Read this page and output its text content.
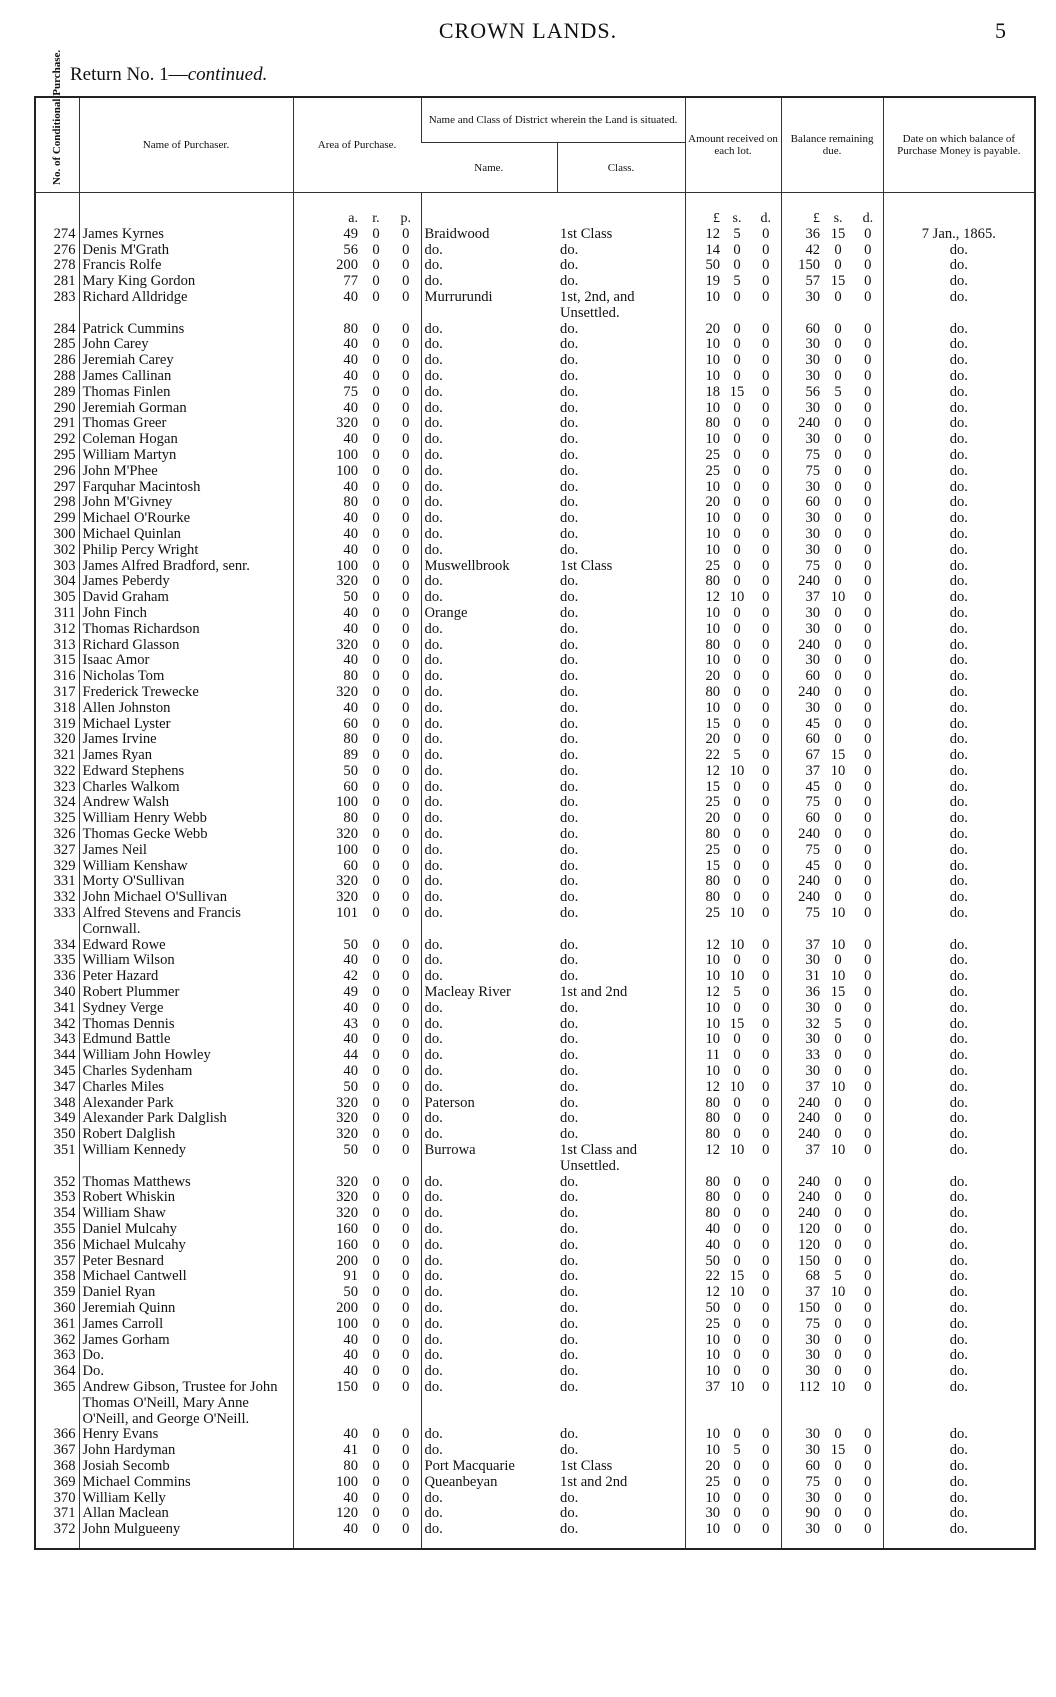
CROWN LANDS.	5
Return No. 1—continued.
No. of Conditional Purchase.	Name of Purchaser.	Area of Purchase.			Name and Class of District wherein the Land is situated.		Amount received on each lot.			Balance remaining due.			Date on which balance of Purchase Money is payable.
					Name.	Class.							
		a.	r.	p.			£	s.	d.	£	s.	d.	
274	James Kyrnes	49	0	0	Braidwood	1st Class	12	5	0	36	15	0	7 Jan., 1865.
276	Denis M'Grath	56	0	0	do.	do.	14	0	0	42	0	0	do.
278	Francis Rolfe	200	0	0	do.	do.	50	0	0	150	0	0	do.
281	Mary King Gordon	77	0	0	do.	do.	19	5	0	57	15	0	do.
283	Richard Alldridge	40	0	0	Murrurundi	1st, 2nd, and Unsettled.	10	0	0	30	0	0	do.
284	Patrick Cummins	80	0	0	do.	do.	20	0	0	60	0	0	do.
285	John Carey	40	0	0	do.	do.	10	0	0	30	0	0	do.
286	Jeremiah Carey	40	0	0	do.	do.	10	0	0	30	0	0	do.
288	James Callinan	40	0	0	do.	do.	10	0	0	30	0	0	do.
289	Thomas Finlen	75	0	0	do.	do.	18	15	0	56	5	0	do.
290	Jeremiah Gorman	40	0	0	do.	do.	10	0	0	30	0	0	do.
291	Thomas Greer	320	0	0	do.	do.	80	0	0	240	0	0	do.
292	Coleman Hogan	40	0	0	do.	do.	10	0	0	30	0	0	do.
295	William Martyn	100	0	0	do.	do.	25	0	0	75	0	0	do.
296	John M'Phee	100	0	0	do.	do.	25	0	0	75	0	0	do.
297	Farquhar Macintosh	40	0	0	do.	do.	10	0	0	30	0	0	do.
298	John M'Givney	80	0	0	do.	do.	20	0	0	60	0	0	do.
299	Michael O'Rourke	40	0	0	do.	do.	10	0	0	30	0	0	do.
300	Michael Quinlan	40	0	0	do.	do.	10	0	0	30	0	0	do.
302	Philip Percy Wright	40	0	0	do.	do.	10	0	0	30	0	0	do.
303	James Alfred Bradford, senr.	100	0	0	Muswellbrook	1st Class	25	0	0	75	0	0	do.
304	James Peberdy	320	0	0	do.	do.	80	0	0	240	0	0	do.
305	David Graham	50	0	0	do.	do.	12	10	0	37	10	0	do.
311	John Finch	40	0	0	Orange	do.	10	0	0	30	0	0	do.
312	Thomas Richardson	40	0	0	do.	do.	10	0	0	30	0	0	do.
313	Richard Glasson	320	0	0	do.	do.	80	0	0	240	0	0	do.
315	Isaac Amor	40	0	0	do.	do.	10	0	0	30	0	0	do.
316	Nicholas Tom	80	0	0	do.	do.	20	0	0	60	0	0	do.
317	Frederick Trewecke	320	0	0	do.	do.	80	0	0	240	0	0	do.
318	Allen Johnston	40	0	0	do.	do.	10	0	0	30	0	0	do.
319	Michael Lyster	60	0	0	do.	do.	15	0	0	45	0	0	do.
320	James Irvine	80	0	0	do.	do.	20	0	0	60	0	0	do.
321	James Ryan	89	0	0	do.	do.	22	5	0	67	15	0	do.
322	Edward Stephens	50	0	0	do.	do.	12	10	0	37	10	0	do.
323	Charles Walkom	60	0	0	do.	do.	15	0	0	45	0	0	do.
324	Andrew Walsh	100	0	0	do.	do.	25	0	0	75	0	0	do.
325	William Henry Webb	80	0	0	do.	do.	20	0	0	60	0	0	do.
326	Thomas Gecke Webb	320	0	0	do.	do.	80	0	0	240	0	0	do.
327	James Neil	100	0	0	do.	do.	25	0	0	75	0	0	do.
329	William Kenshaw	60	0	0	do.	do.	15	0	0	45	0	0	do.
331	Morty O'Sullivan	320	0	0	do.	do.	80	0	0	240	0	0	do.
332	John Michael O'Sullivan	320	0	0	do.	do.	80	0	0	240	0	0	do.
333	Alfred Stevens and Francis Cornwall.	101	0	0	do.	do.	25	10	0	75	10	0	do.
334	Edward Rowe	50	0	0	do.	do.	12	10	0	37	10	0	do.
335	William Wilson	40	0	0	do.	do.	10	0	0	30	0	0	do.
336	Peter Hazard	42	0	0	do.	do.	10	10	0	31	10	0	do.
340	Robert Plummer	49	0	0	Macleay River	1st and 2nd	12	5	0	36	15	0	do.
341	Sydney Verge	40	0	0	do.	do.	10	0	0	30	0	0	do.
342	Thomas Dennis	43	0	0	do.	do.	10	15	0	32	5	0	do.
343	Edmund Battle	40	0	0	do.	do.	10	0	0	30	0	0	do.
344	William John Howley	44	0	0	do.	do.	11	0	0	33	0	0	do.
345	Charles Sydenham	40	0	0	do.	do.	10	0	0	30	0	0	do.
347	Charles Miles	50	0	0	do.	do.	12	10	0	37	10	0	do.
348	Alexander Park	320	0	0	Paterson	do.	80	0	0	240	0	0	do.
349	Alexander Park Dalglish	320	0	0	do.	do.	80	0	0	240	0	0	do.
350	Robert Dalglish	320	0	0	do.	do.	80	0	0	240	0	0	do.
351	William Kennedy	50	0	0	Burrowa	1st Class and Unsettled.	12	10	0	37	10	0	do.
352	Thomas Matthews	320	0	0	do.	do.	80	0	0	240	0	0	do.
353	Robert Whiskin	320	0	0	do.	do.	80	0	0	240	0	0	do.
354	William Shaw	320	0	0	do.	do.	80	0	0	240	0	0	do.
355	Daniel Mulcahy	160	0	0	do.	do.	40	0	0	120	0	0	do.
356	Michael Mulcahy	160	0	0	do.	do.	40	0	0	120	0	0	do.
357	Peter Besnard	200	0	0	do.	do.	50	0	0	150	0	0	do.
358	Michael Cantwell	91	0	0	do.	do.	22	15	0	68	5	0	do.
359	Daniel Ryan	50	0	0	do.	do.	12	10	0	37	10	0	do.
360	Jeremiah Quinn	200	0	0	do.	do.	50	0	0	150	0	0	do.
361	James Carroll	100	0	0	do.	do.	25	0	0	75	0	0	do.
362	James Gorham	40	0	0	do.	do.	10	0	0	30	0	0	do.
363	Do.	40	0	0	do.	do.	10	0	0	30	0	0	do.
364	Do.	40	0	0	do.	do.	10	0	0	30	0	0	do.
365	Andrew Gibson, Trustee for John Thomas O'Neill, Mary Anne O'Neill, and George O'Neill.	150	0	0	do.	do.	37	10	0	112	10	0	do.
366	Henry Evans	40	0	0	do.	do.	10	0	0	30	0	0	do.
367	John Hardyman	41	0	0	do.	do.	10	5	0	30	15	0	do.
368	Josiah Secomb	80	0	0	Port Macquarie	1st Class	20	0	0	60	0	0	do.
369	Michael Commins	100	0	0	Queanbeyan	1st and 2nd	25	0	0	75	0	0	do.
370	William Kelly	40	0	0	do.	do.	10	0	0	30	0	0	do.
371	Allan Maclean	120	0	0	do.	do.	30	0	0	90	0	0	do.
372	John Mulgueeny	40	0	0	do.	do.	10	0	0	30	0	0	do.
